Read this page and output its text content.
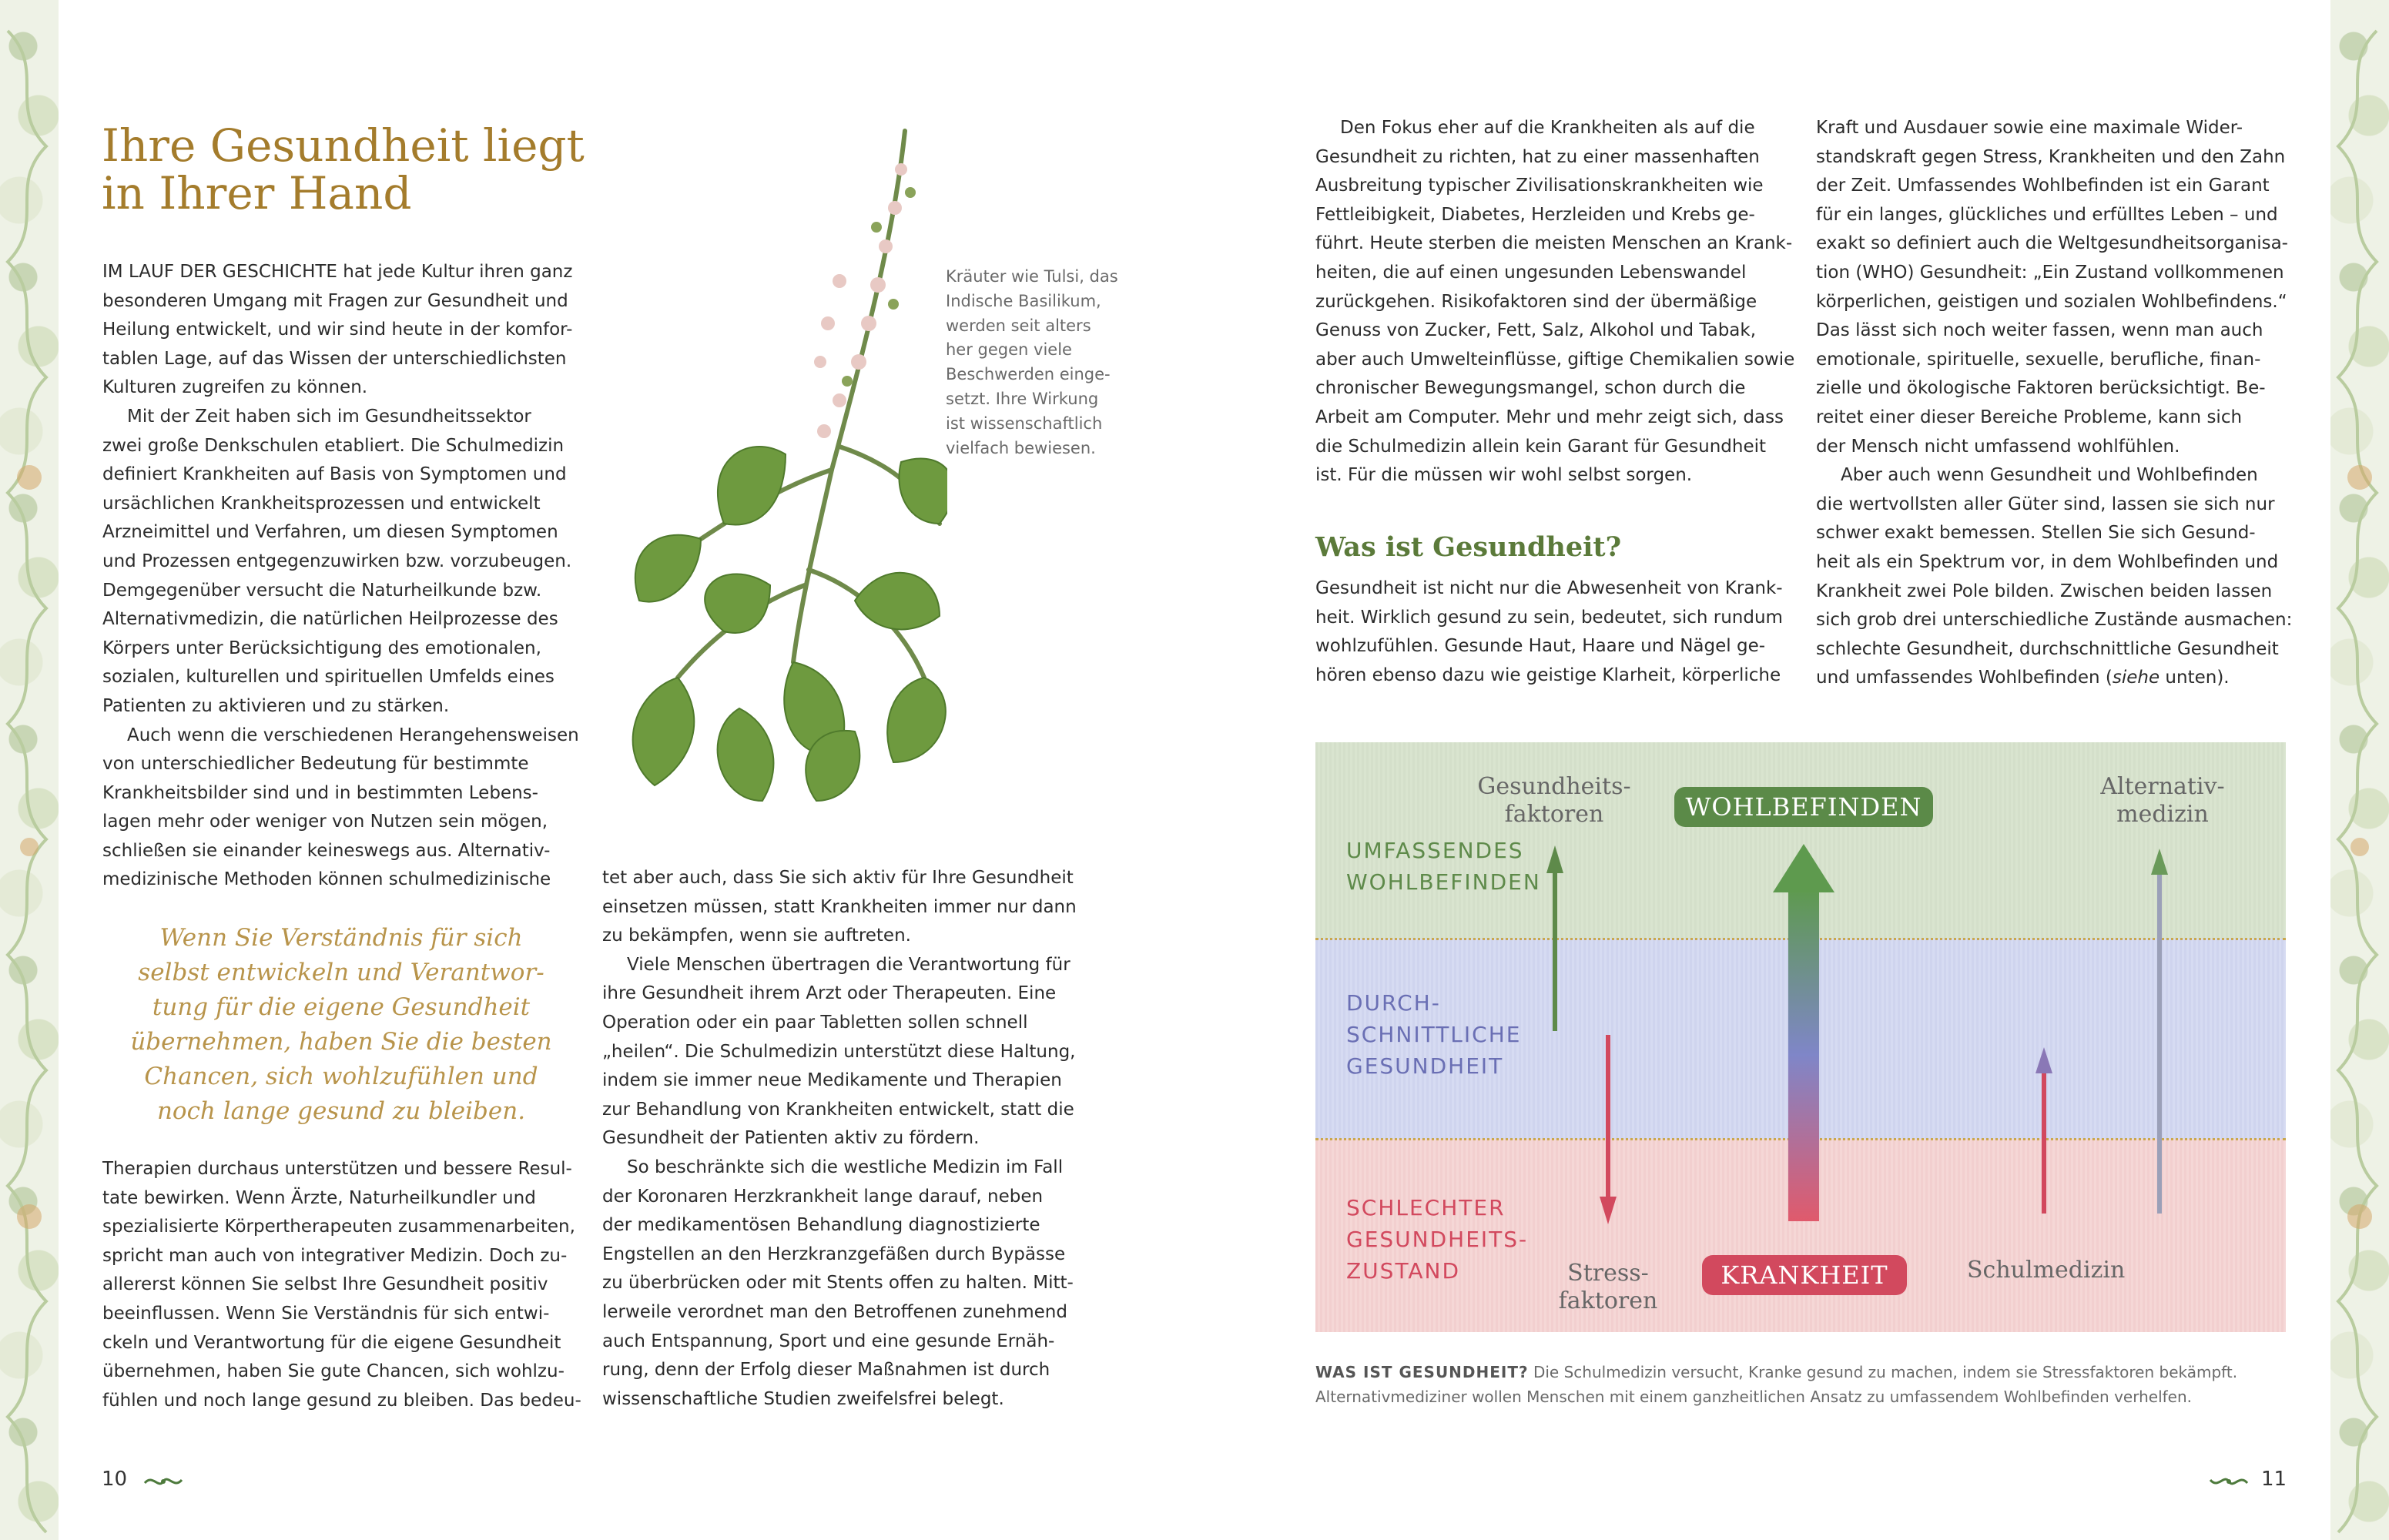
Ihre Gesundheit liegt
in Ihrer Hand

IM LAUF DER GESCHICHTE hat jede Kultur ihren ganz

besonderen Umgang mit Fragen zur Gesundheit und

Heilung entwickelt, und wir sind heute in der komfor-

tablen Lage, auf das Wissen der unterschiedlichsten

Kulturen zugreifen zu können.

Mit der Zeit haben sich im Gesundheitssektor

zwei große Denkschulen etabliert. Die Schulmedizin

definiert Krankheiten auf Basis von Symptomen und

ursächlichen Krankheitsprozessen und entwickelt

Arzneimittel und Verfahren, um diesen Symptomen

und Prozessen entgegenzuwirken bzw. vorzubeugen.

Demgegenüber versucht die Naturheilkunde bzw.

Alternativmedizin, die natürlichen Heilprozesse des

Körpers unter Berücksichtigung des emotionalen,

sozialen, kulturellen und spirituellen Umfelds eines

Patienten zu aktivieren und zu stärken.

Auch wenn die verschiedenen Herangehensweisen

von unterschiedlicher Bedeutung für bestimmte

Krankheitsbilder sind und in bestimmten Lebens-

lagen mehr oder weniger von Nutzen sein mögen,

schließen sie einander keineswegs aus. Alternativ-

medizinische Methoden können schulmedizinische

Wenn Sie Verständnis für sich

selbst entwickeln und Verantwor-

tung für die eigene Gesundheit

übernehmen, haben Sie die besten

Chancen, sich wohlzufühlen und

noch lange gesund zu bleiben.

Therapien durchaus unterstützen und bessere Resul-

tate bewirken. Wenn Ärzte, Naturheilkundler und

spezialisierte Körpertherapeuten zusammenarbeiten,

spricht man auch von integrativer Medizin. Doch zu-

allererst können Sie selbst Ihre Gesundheit positiv

beeinflussen. Wenn Sie Verständnis für sich entwi-

ckeln und Verantwortung für die eigene Gesundheit

übernehmen, haben Sie gute Chancen, sich wohlzu-

fühlen und noch lange gesund zu bleiben. Das bedeu-

Kräuter wie Tulsi, das

Indische Basilikum,

werden seit alters

her gegen viele

Beschwerden einge-

setzt. Ihre Wirkung

ist wissenschaftlich

vielfach bewiesen.

tet aber auch, dass Sie sich aktiv für Ihre Gesundheit

einsetzen müssen, statt Krankheiten immer nur dann

zu bekämpfen, wenn sie auftreten.

Viele Menschen übertragen die Verantwortung für

ihre Gesundheit ihrem Arzt oder Therapeuten. Eine

Operation oder ein paar Tabletten sollen schnell

„heilen“. Die Schulmedizin unterstützt diese Haltung,

indem sie immer neue Medikamente und Therapien

zur Behandlung von Krankheiten entwickelt, statt die

Gesundheit der Patienten aktiv zu fördern.

So beschränkte sich die westliche Medizin im Fall

der Koronaren Herzkrankheit lange darauf, neben

der medikamentösen Behandlung diagnostizierte

Engstellen an den Herzkranzgefäßen durch Bypässe

zu überbrücken oder mit Stents offen zu halten. Mitt-

lerweile verordnet man den Betroffenen zunehmend

auch Entspannung, Sport und eine gesunde Ernäh-

rung, denn der Erfolg dieser Maßnahmen ist durch

wissenschaftliche Studien zweifelsfrei belegt.

10

Den Fokus eher auf die Krankheiten als auf die

Gesundheit zu richten, hat zu einer massenhaften

Ausbreitung typischer Zivilisationskrankheiten wie

Fettleibigkeit, Diabetes, Herzleiden und Krebs ge-

führt. Heute sterben die meisten Menschen an Krank-

heiten, die auf einen ungesunden Lebenswandel

zurückgehen. Risikofaktoren sind der übermäßige

Genuss von Zucker, Fett, Salz, Alkohol und Tabak,

aber auch Umwelteinflüsse, giftige Chemikalien sowie

chronischer Bewegungsmangel, schon durch die

Arbeit am Computer. Mehr und mehr zeigt sich, dass

die Schulmedizin allein kein Garant für Gesundheit

ist. Für die müssen wir wohl selbst sorgen.

Was ist Gesundheit?

Gesundheit ist nicht nur die Abwesenheit von Krank-

heit. Wirklich gesund zu sein, bedeutet, sich rundum

wohlzufühlen. Gesunde Haut, Haare und Nägel ge-

hören ebenso dazu wie geistige Klarheit, körperliche

Kraft und Ausdauer sowie eine maximale Wider-

standskraft gegen Stress, Krankheiten und den Zahn

der Zeit. Umfassendes Wohlbefinden ist ein Garant

für ein langes, glückliches und erfülltes Leben – und

exakt so definiert auch die Weltgesundheitsorganisa-

tion (WHO) Gesundheit: „Ein Zustand vollkommenen

körperlichen, geistigen und sozialen Wohlbefindens.“

Das lässt sich noch weiter fassen, wenn man auch

emotionale, spirituelle, sexuelle, berufliche, finan-

zielle und ökologische Faktoren berücksichtigt. Be-

reitet einer dieser Bereiche Probleme, kann sich

der Mensch nicht umfassend wohlfühlen.

Aber auch wenn Gesundheit und Wohlbefinden

die wertvollsten aller Güter sind, lassen sie sich nur

schwer exakt bemessen. Stellen Sie sich Gesund-

heit als ein Spektrum vor, in dem Wohlbefinden und

Krankheit zwei Pole bilden. Zwischen beiden lassen

sich grob drei unterschiedliche Zustände ausmachen:

schlechte Gesundheit, durchschnittliche Gesundheit

und umfassendes Wohlbefinden (siehe unten).

UMFASSENDES

WOHLBEFINDEN

DURCH-

SCHNITTLICHE

GESUNDHEIT

SCHLECHTER

GESUNDHEITS-

ZUSTAND

Gesundheits-

faktoren

Stress-

faktoren

Alternativ-

medizin

Schulmedizin
WOHLBEFINDEN
KRANKHEIT

WAS IST GESUNDHEIT? Die Schulmedizin versucht, Kranke gesund zu machen, indem sie Stressfaktoren bekämpft.

Alternativmediziner wollen Menschen mit einem ganzheitlichen Ansatz zu umfassendem Wohlbefinden verhelfen.

11
